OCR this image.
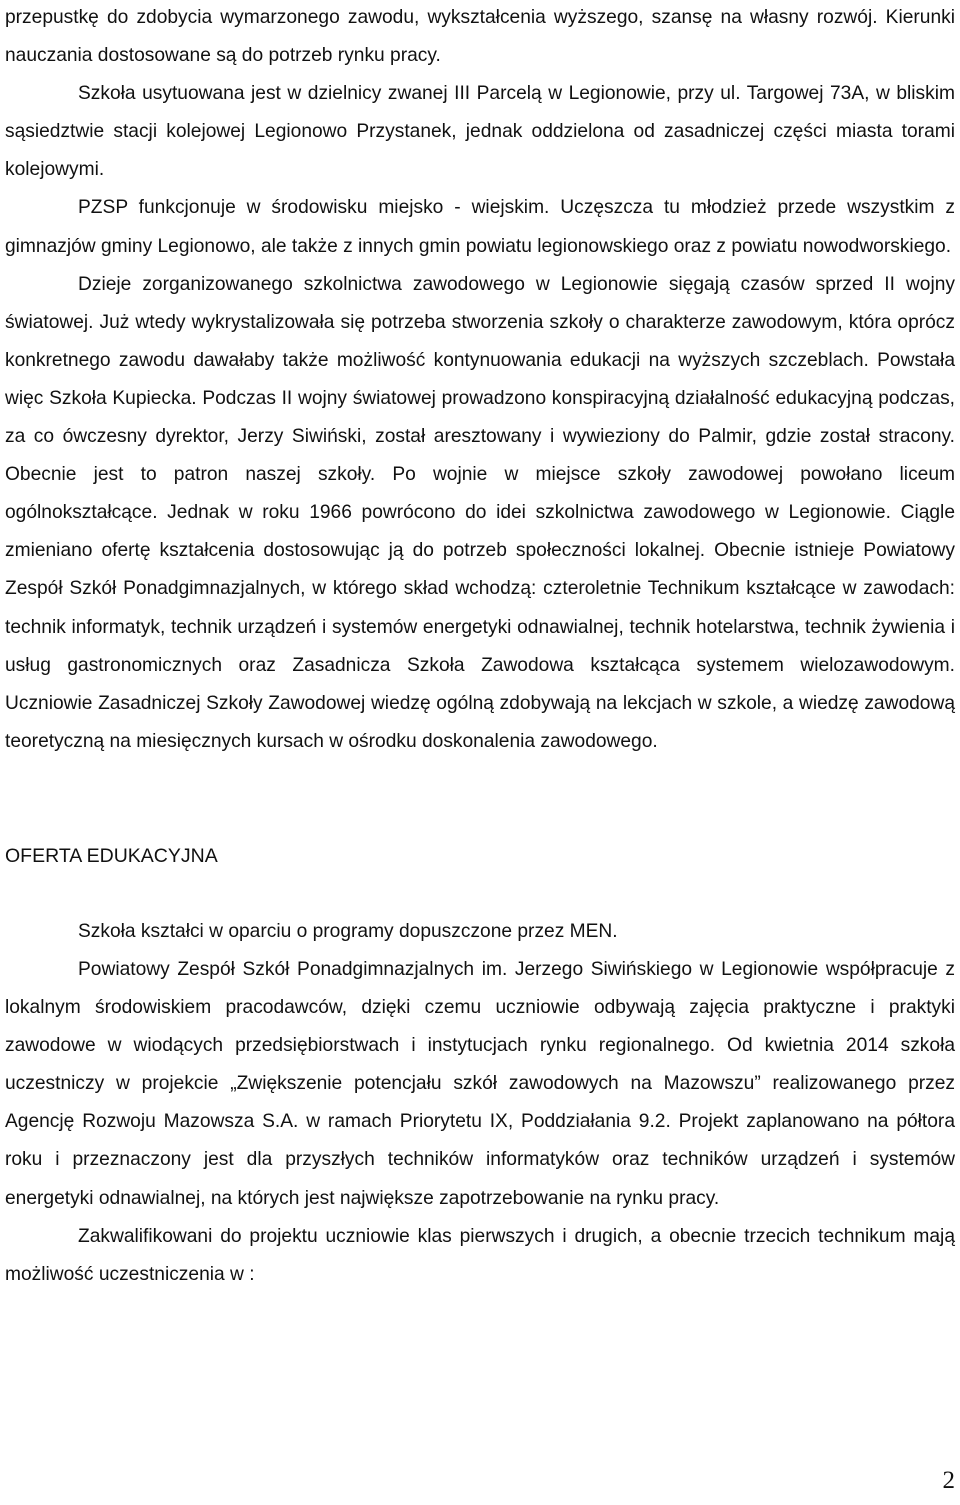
przepustkę do zdobycia wymarzonego zawodu, wykształcenia wyższego, szansę na własny rozwój. Kierunki nauczania dostosowane są do potrzeb rynku pracy.

Szkoła usytuowana jest w dzielnicy zwanej III Parcelą w Legionowie, przy ul. Targowej 73A, w bliskim sąsiedztwie stacji kolejowej Legionowo Przystanek, jednak oddzielona od zasadniczej części miasta torami kolejowymi.

PZSP funkcjonuje w środowisku miejsko - wiejskim. Uczęszcza tu młodzież przede wszystkim z gimnazjów gminy Legionowo, ale także z innych gmin powiatu legionowskiego oraz z powiatu nowodworskiego.

Dzieje zorganizowanego szkolnictwa zawodowego w Legionowie sięgają czasów sprzed II wojny światowej. Już wtedy wykrystalizowała się potrzeba stworzenia szkoły o charakterze zawodowym, która oprócz konkretnego zawodu dawałaby także możliwość kontynuowania edukacji na wyższych szczeblach. Powstała więc Szkoła Kupiecka. Podczas II wojny światowej prowadzono konspiracyjną działalność edukacyjną podczas, za co ówczesny dyrektor, Jerzy Siwiński, został aresztowany i wywieziony do Palmir, gdzie został stracony. Obecnie jest to patron naszej szkoły. Po wojnie w miejsce szkoły zawodowej powołano liceum ogólnokształcące. Jednak w roku 1966 powrócono do idei szkolnictwa zawodowego w Legionowie. Ciągle zmieniano ofertę kształcenia dostosowując ją do potrzeb społeczności lokalnej. Obecnie istnieje Powiatowy Zespół Szkół Ponadgimnazjalnych, w którego skład wchodzą: czteroletnie Technikum kształcące w zawodach: technik informatyk, technik urządzeń i systemów energetyki odnawialnej, technik hotelarstwa, technik żywienia i usług gastronomicznych oraz Zasadnicza Szkoła Zawodowa kształcąca systemem wielozawodowym. Uczniowie Zasadniczej Szkoły Zawodowej wiedzę ogólną zdobywają na lekcjach w szkole, a wiedzę zawodową teoretyczną na miesięcznych kursach w ośrodku doskonalenia zawodowego.

OFERTA EDUKACYJNA

Szkoła kształci w oparciu o programy dopuszczone przez MEN.

Powiatowy Zespół Szkół Ponadgimnazjalnych im. Jerzego Siwińskiego w Legionowie współpracuje z lokalnym środowiskiem pracodawców, dzięki czemu uczniowie odbywają zajęcia praktyczne i praktyki zawodowe w wiodących przedsiębiorstwach i instytucjach rynku regionalnego. Od kwietnia 2014 szkoła uczestniczy w projekcie „Zwiększenie potencjału szkół zawodowych na Mazowszu” realizowanego przez Agencję Rozwoju Mazowsza S.A. w ramach Priorytetu IX, Poddziałania 9.2. Projekt zaplanowano na półtora roku i przeznaczony jest dla przyszłych techników informatyków oraz techników urządzeń i systemów energetyki odnawialnej, na których jest największe zapotrzebowanie na rynku pracy.

Zakwalifikowani do projektu uczniowie klas pierwszych i drugich, a obecnie trzecich technikum mają możliwość uczestniczenia w :

2
